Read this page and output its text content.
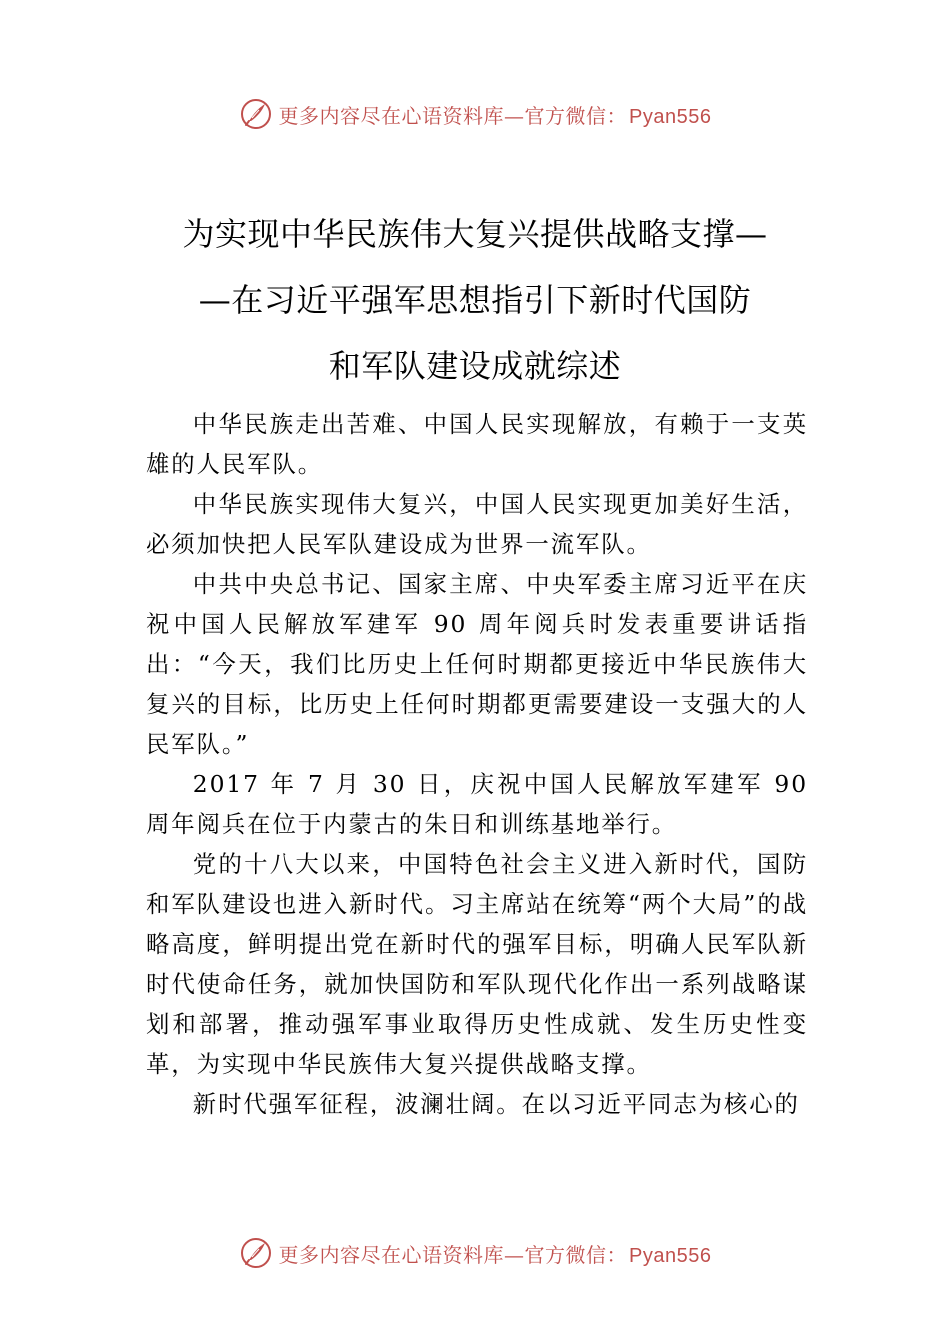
更多内容尽在心语资料库—官方微信： Pyan556
为实现中华民族伟大复兴提供战略支撑—
—在习近平强军思想指引下新时代国防
和军队建设成就综述

中华民族走出苦难、中国人民实现解放，有赖于一支英雄的人民军队。

中华民族实现伟大复兴，中国人民实现更加美好生活，必须加快把人民军队建设成为世界一流军队。

中共中央总书记、国家主席、中央军委主席习近平在庆祝中国人民解放军建军 90 周年阅兵时发表重要讲话指出：“今天，我们比历史上任何时期都更接近中华民族伟大复兴的目标，比历史上任何时期都更需要建设一支强大的人民军队。”

2017 年 7 月 30 日，庆祝中国人民解放军建军 90 周年阅兵在位于内蒙古的朱日和训练基地举行。

党的十八大以来，中国特色社会主义进入新时代，国防和军队建设也进入新时代。习主席站在统筹“两个大局”的战略高度，鲜明提出党在新时代的强军目标，明确人民军队新时代使命任务，就加快国防和军队现代化作出一系列战略谋划和部署，推动强军事业取得历史性成就、发生历史性变革，为实现中华民族伟大复兴提供战略支撑。

新时代强军征程，波澜壮阔。在以习近平同志为核心的

更多内容尽在心语资料库—官方微信： Pyan556
